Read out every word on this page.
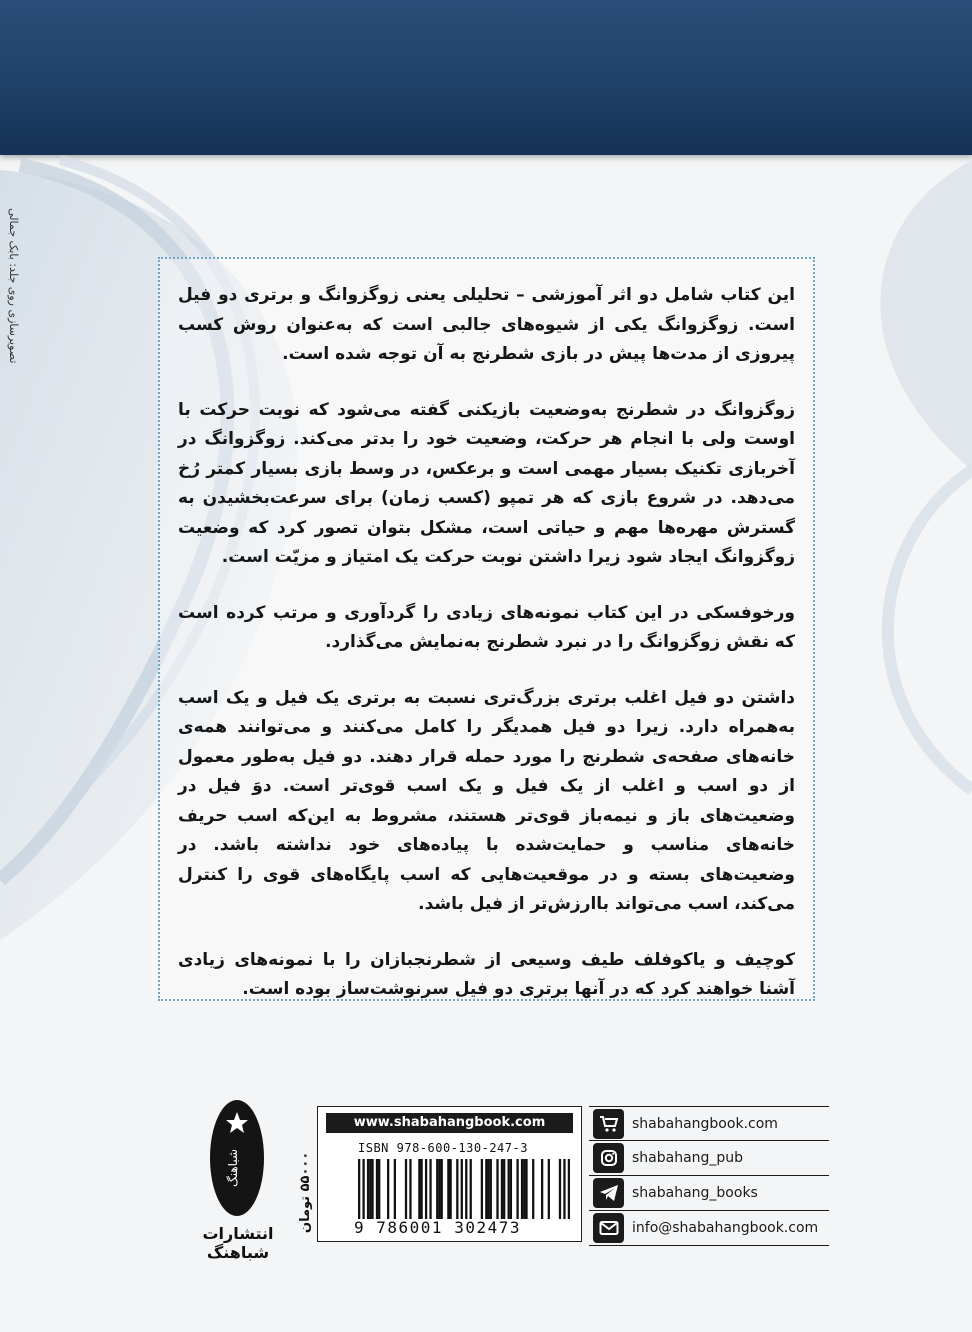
تصویرسازی روی جلد: بابک جمالی	این کتاب شامل دو اثر آموزشی – تحلیلی یعنی زوگزوانگ و برتری دو فیل است. زوگزوانگ یکی از شیوه‌های جالبی است که به‌عنوان روش کسب پیروزی از مدت‌ها پیش در بازی شطرنج به آن توجه شده است.

زوگزوانگ در شطرنج به‌وضعیت بازیکنی گفته می‌شود که نوبت حرکت با اوست ولی با انجام هر حرکت، وضعیت خود را بدتر می‌کند. زوگزوانگ در آخربازی تکنیک بسیار مهمی است و برعکس، در وسط بازی بسیار کمتر رُخ می‌دهد. در شروع بازی که هر تمپو (کسب زمان) برای سرعت‌بخشیدن به گسترش مهره‌ها مهم و حیاتی است، مشکل بتوان تصور کرد که وضعیت زوگزوانگ ایجاد شود زیرا داشتن نوبت حرکت یک امتیاز و مزیّت است.

ورخوفسکی در این کتاب نمونه‌های زیادی را گردآوری و مرتب کرده است که نقش زوگزوانگ را در نبرد شطرنج به‌نمایش می‌گذارد.

داشتن دو فیل اغلب برتری بزرگ‌تری نسبت به برتری یک فیل و یک اسب به‌همراه دارد. زیرا دو فیل همدیگر را کامل می‌کنند و می‌توانند همه‌ی خانه‌های صفحه‌ی شطرنج را مورد حمله قرار دهند. دو فیل به‌طور معمول از دو اسب و اغلب از یک فیل و یک اسب قوی‌تر است. دوَ فیل در وضعیت‌های باز و نیمه‌باز قوی‌تر هستند، مشروط به این‌که اسب حریف خانه‌های مناسب و حمایت‌شده با پیاده‌های خود نداشته باشد. در وضعیت‌های بسته و در موقعیت‌هایی که اسب پایگاه‌های قوی را کنترل می‌کند، اسب می‌تواند باارزش‌تر از فیل باشد.

کوچیف و یاکوفلف طیف وسیعی از شطرنجبازان را با نمونه‌های زیادی آشنا خواهند کرد که در آنها برتری دو فیل سرنوشت‌ساز بوده است.

شباهنگ
انتشارات شباهنگ
۵۵۰۰۰ تومان
www.shabahangbook.com
ISBN 978-600-130-247-3
9 786001 302473
shabahangbook.com
shabahang_pub
shabahang_books
info@shabahangbook.com
